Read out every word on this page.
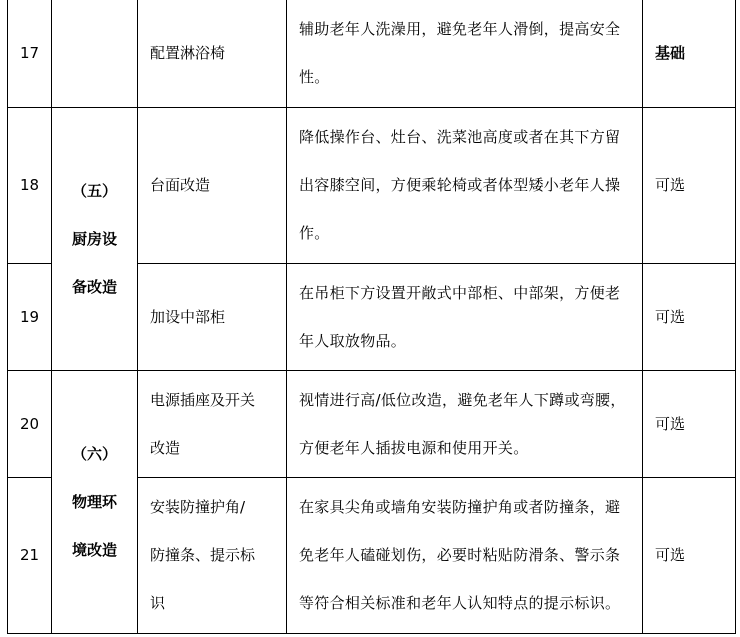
17		配置淋浴椅	辅助老年人洗澡用，避免老年人滑倒，提高安全
性。	基础
18	（五）
厨房设
备改造	台面改造	降低操作台、灶台、洗菜池高度或者在其下方留
出容膝空间，方便乘轮椅或者体型矮小老年人操
作。	可选
19		加设中部柜	在吊柜下方设置开敞式中部柜、中部架，方便老
年人取放物品。	可选
20	（六）
物理环
境改造	电源插座及开关
改造	视情进行高/低位改造，避免老年人下蹲或弯腰，
方便老年人插拔电源和使用开关。	可选
21		安装防撞护角/
防撞条、提示标
识	在家具尖角或墙角安装防撞护角或者防撞条，避
免老年人磕碰划伤，必要时粘贴防滑条、警示条
等符合相关标准和老年人认知特点的提示标识。	可选
